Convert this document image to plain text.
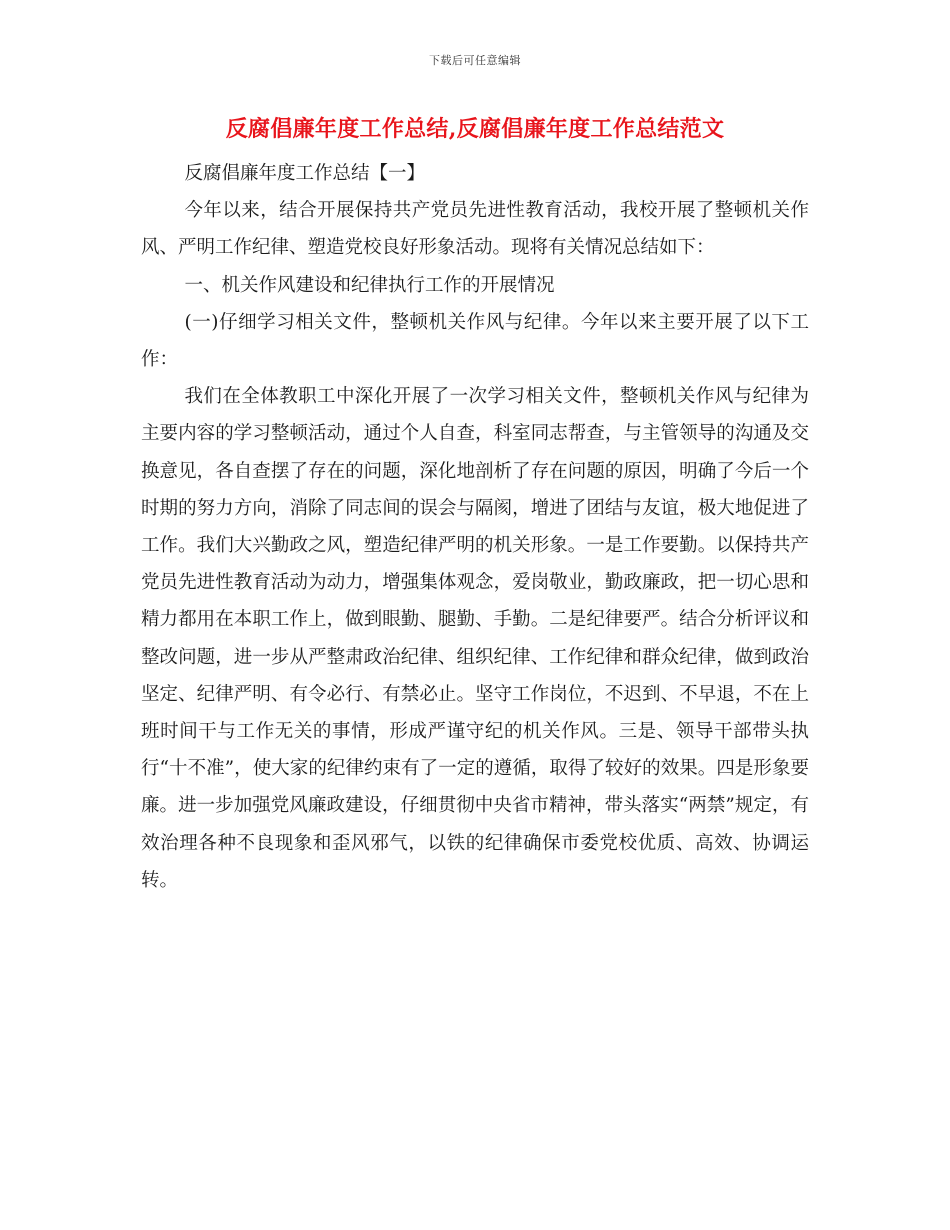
下载后可任意编辑
反腐倡廉年度工作总结,反腐倡廉年度工作总结范文

反腐倡廉年度工作总结【一】

今年以来，结合开展保持共产党员先进性教育活动，我校开展了整顿机关作风、严明工作纪律、塑造党校良好形象活动。现将有关情况总结如下：

一、机关作风建设和纪律执行工作的开展情况

(一)仔细学习相关文件，整顿机关作风与纪律。今年以来主要开展了以下工作：

我们在全体教职工中深化开展了一次学习相关文件，整顿机关作风与纪律为主要内容的学习整顿活动，通过个人自查，科室同志帮查，与主管领导的沟通及交换意见，各自查摆了存在的问题，深化地剖析了存在问题的原因，明确了今后一个时期的努力方向，消除了同志间的误会与隔阂，增进了团结与友谊，极大地促进了工作。我们大兴勤政之风，塑造纪律严明的机关形象。一是工作要勤。以保持共产党员先进性教育活动为动力，增强集体观念，爱岗敬业，勤政廉政，把一切心思和精力都用在本职工作上，做到眼勤、腿勤、手勤。二是纪律要严。结合分析评议和整改问题，进一步从严整肃政治纪律、组织纪律、工作纪律和群众纪律，做到政治坚定、纪律严明、有令必行、有禁必止。坚守工作岗位，不迟到、不早退，不在上班时间干与工作无关的事情，形成严谨守纪的机关作风。三是、领导干部带头执行“十不准”，使大家的纪律约束有了一定的遵循，取得了较好的效果。四是形象要廉。进一步加强党风廉政建设，仔细贯彻中央省市精神，带头落实“两禁”规定，有效治理各种不良现象和歪风邪气，以铁的纪律确保市委党校优质、高效、协调运转。
